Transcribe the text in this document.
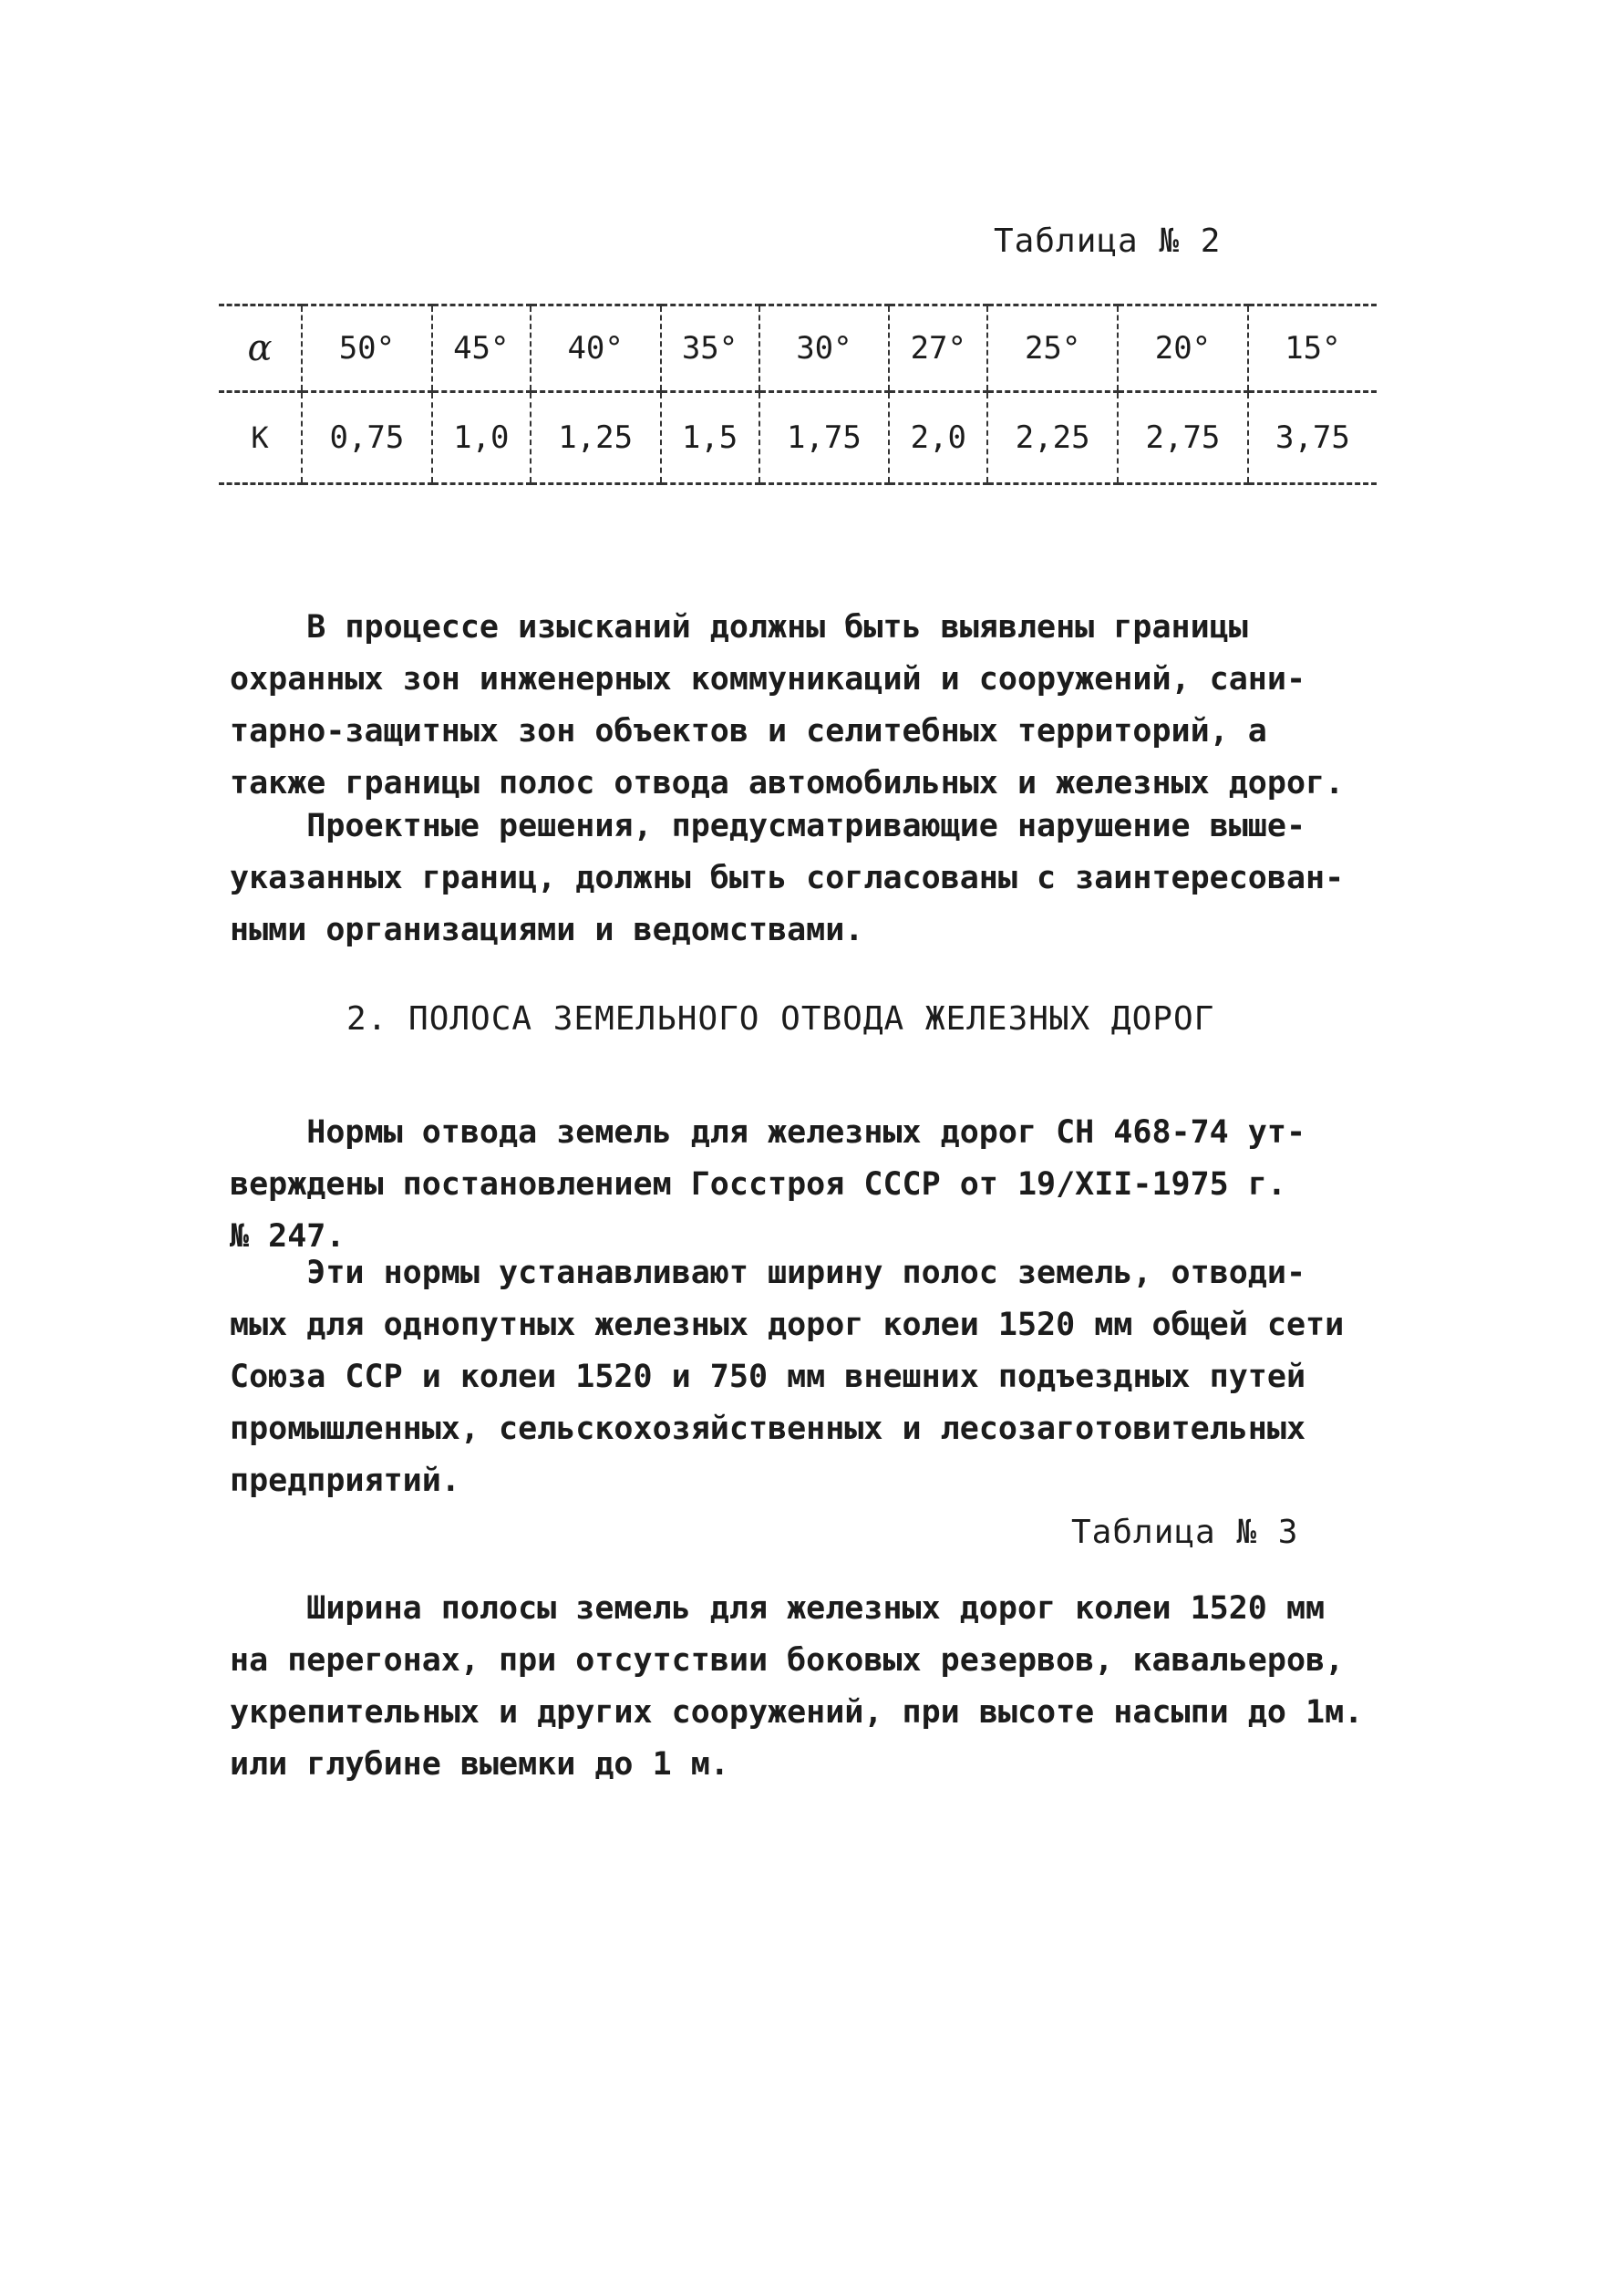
Таблица № 2
α	50°	45°	40°	35°	30°	27°	25°	20°	15°
К	0,75	1,0	1,25	1,5	1,75	2,0	2,25	2,75	3,75
В процессе изысканий должны быть выявлены границы
охранных зон инженерных коммуникаций и сооружений, сани-
тарно-защитных зон объектов и селитебных территорий, а
также границы полос отвода автомобильных и железных дорог.
Проектные решения, предусматривающие нарушение выше-
указанных границ, должны быть согласованы с заинтересован-
ными организациями и ведомствами.
2. ПОЛОСА ЗЕМЕЛЬНОГО ОТВОДА ЖЕЛЕЗНЫХ ДОРОГ
Нормы отвода земель для железных дорог СН 468-74 ут-
верждены постановлением Госстроя СССР от 19/XII-1975 г.
№ 247.
Эти нормы устанавливают ширину полос земель, отводи-
мых для однопутных железных дорог колеи 1520 мм общей сети
Союза ССР и колеи 1520 и 750 мм внешних подъездных путей
промышленных, сельскохозяйственных и лесозаготовительных
предприятий.
Таблица № 3
Ширина полосы земель для железных дорог колеи 1520 мм
на перегонах, при отсутствии боковых резервов, кавальеров,
укрепительных и других сооружений, при высоте насыпи до 1м.
или глубине выемки до 1 м.
